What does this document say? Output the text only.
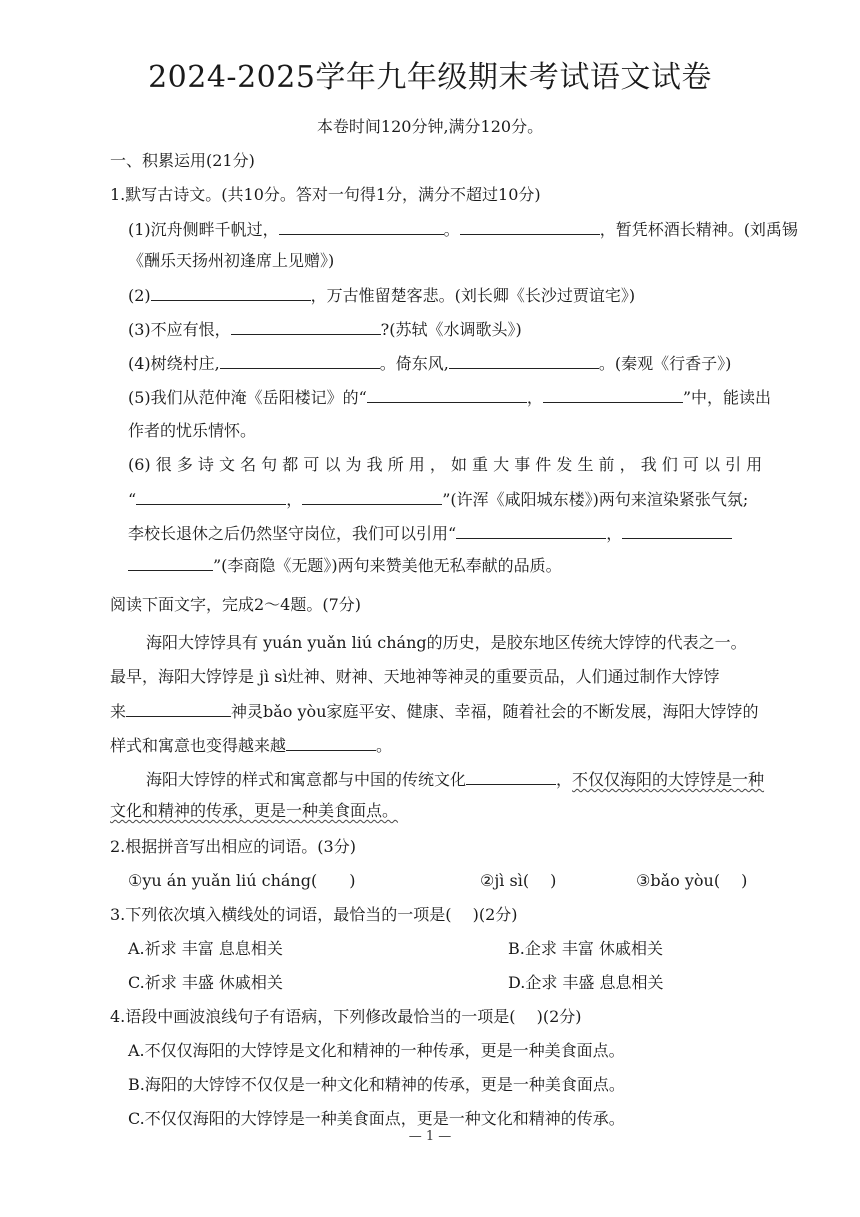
2024-2025学年九年级期末考试语文试卷
本卷时间120分钟,满分120分。
一、积累运用(21分)
1.默写古诗文。(共10分。答对一句得1分，满分不超过10分)
(1)沉舟侧畔千帆过，	。	，暂凭杯酒长精神。(刘禹锡
《酬乐天扬州初逢席上见赠》)
(2)	，万古惟留楚客悲。(刘长卿《长沙过贾谊宅》)
(3)不应有恨，	?(苏轼《水调歌头》)
(4)树绕村庄,	。倚东风,	。(秦观《行香子》)
(5)我们从范仲淹《岳阳楼记》的“	，	”中，能读出
作者的忧乐情怀。
(6) 很 多 诗 文 名 句 都 可 以 为 我 所 用 ， 如 重 大 事 件 发 生 前 ， 我 们 可 以 引 用
“	，	”(许浑《咸阳城东楼》)两句来渲染紧张气氛;
李校长退休之后仍然坚守岗位，我们可以引用“	，
”(李商隐《无题》)两句来赞美他无私奉献的品质。
阅读下面文字，完成2～4题。(7分)
海阳大饽饽具有 yuán yuǎn liú cháng的历史，是胶东地区传统大饽饽的代表之一。
最早，海阳大饽饽是 jì sì灶神、财神、天地神等神灵的重要贡品，人们通过制作大饽饽
来	神灵bǎo yòu家庭平安、健康、幸福，随着社会的不断发展，海阳大饽饽的
样式和寓意也变得越来越	。
海阳大饽饽的样式和寓意都与中国的传统文化	，不仅仅海阳的大饽饽是一种
文化和精神的传承，更是一种美食面点。
2.根据拼音写出相应的词语。(3分)
①yu án yuǎn liú cháng(　　)	②jì sì(　 )	③bǎo yòu(　 )
3.下列依次填入横线处的词语，最恰当的一项是(　 )(2分)
A.祈求 丰富 息息相关	B.企求 丰富 休戚相关
C.祈求 丰盛 休戚相关	D.企求 丰盛 息息相关
4.语段中画波浪线句子有语病，下列修改最恰当的一项是(　 )(2分)
A.不仅仅海阳的大饽饽是文化和精神的一种传承，更是一种美食面点。
B.海阳的大饽饽不仅仅是一种文化和精神的传承，更是一种美食面点。
C.不仅仅海阳的大饽饽是一种美食面点，更是一种文化和精神的传承。
— 1 —
